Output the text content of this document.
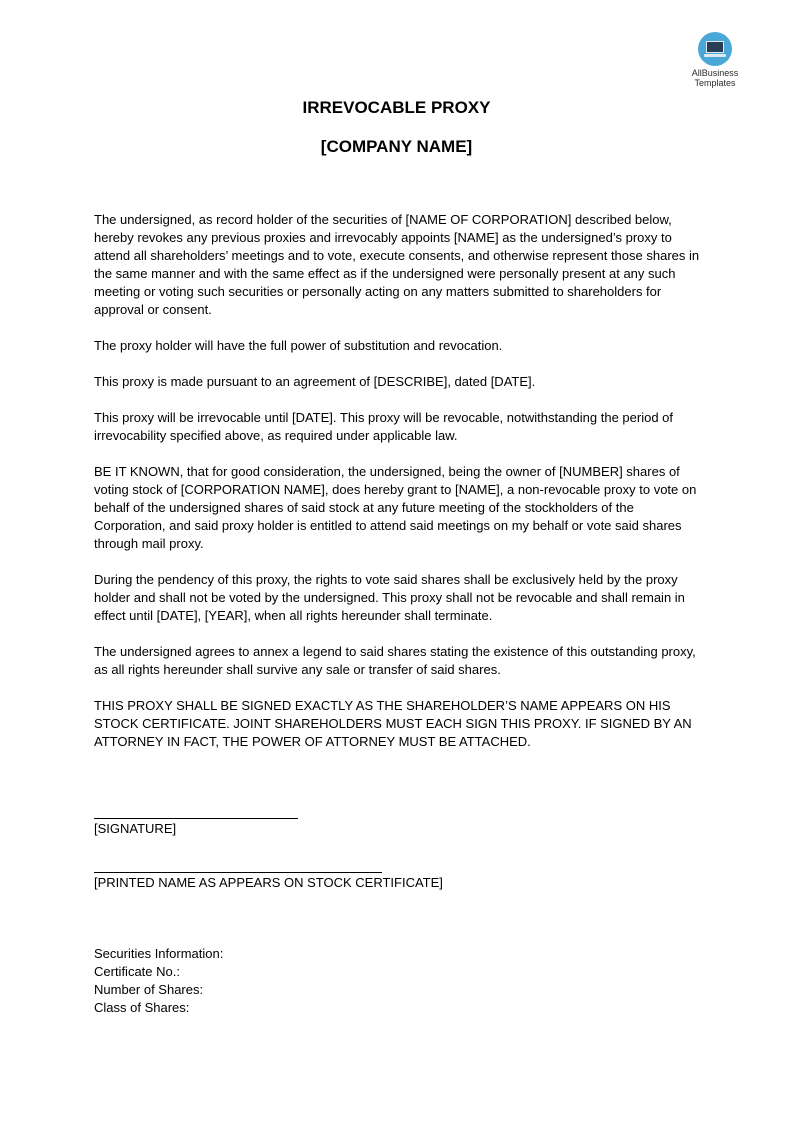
AllBusiness
Templates
IRREVOCABLE PROXY
[COMPANY NAME]

The undersigned, as record holder of the securities of [NAME OF CORPORATION] described below, hereby revokes any previous proxies and irrevocably appoints [NAME] as the undersigned’s proxy to attend all shareholders’ meetings and to vote, execute consents, and otherwise represent those shares in the same manner and with the same effect as if the undersigned were personally present at any such meeting or voting such securities or personally acting on any matters submitted to shareholders for approval or consent.

The proxy holder will have the full power of substitution and revocation.

This proxy is made pursuant to an agreement of [DESCRIBE], dated [DATE].

This proxy will be irrevocable until [DATE]. This proxy will be revocable, notwithstanding the period of irrevocability specified above, as required under applicable law.

BE IT KNOWN, that for good consideration, the undersigned, being the owner of [NUMBER] shares of voting stock of [CORPORATION NAME], does hereby grant to [NAME], a non-revocable proxy to vote on behalf of the undersigned shares of said stock at any future meeting of the stockholders of the Corporation, and said proxy holder is entitled to attend said meetings on my behalf or vote said shares through mail proxy.

During the pendency of this proxy, the rights to vote said shares shall be exclusively held by the proxy holder and shall not be voted by the undersigned. This proxy shall not be revocable and shall remain in effect until [DATE], [YEAR], when all rights hereunder shall terminate.

The undersigned agrees to annex a legend to said shares stating the existence of this outstanding proxy, as all rights hereunder shall survive any sale or transfer of said shares.

THIS PROXY SHALL BE SIGNED EXACTLY AS THE SHAREHOLDER’S NAME APPEARS ON HIS STOCK CERTIFICATE. JOINT SHAREHOLDERS MUST EACH SIGN THIS PROXY. IF SIGNED BY AN ATTORNEY IN FACT, THE POWER OF ATTORNEY MUST BE ATTACHED.

[SIGNATURE]
[PRINTED NAME AS APPEARS ON STOCK CERTIFICATE]
Securities Information:
Certificate No.:
Number of Shares:
Class of Shares:
